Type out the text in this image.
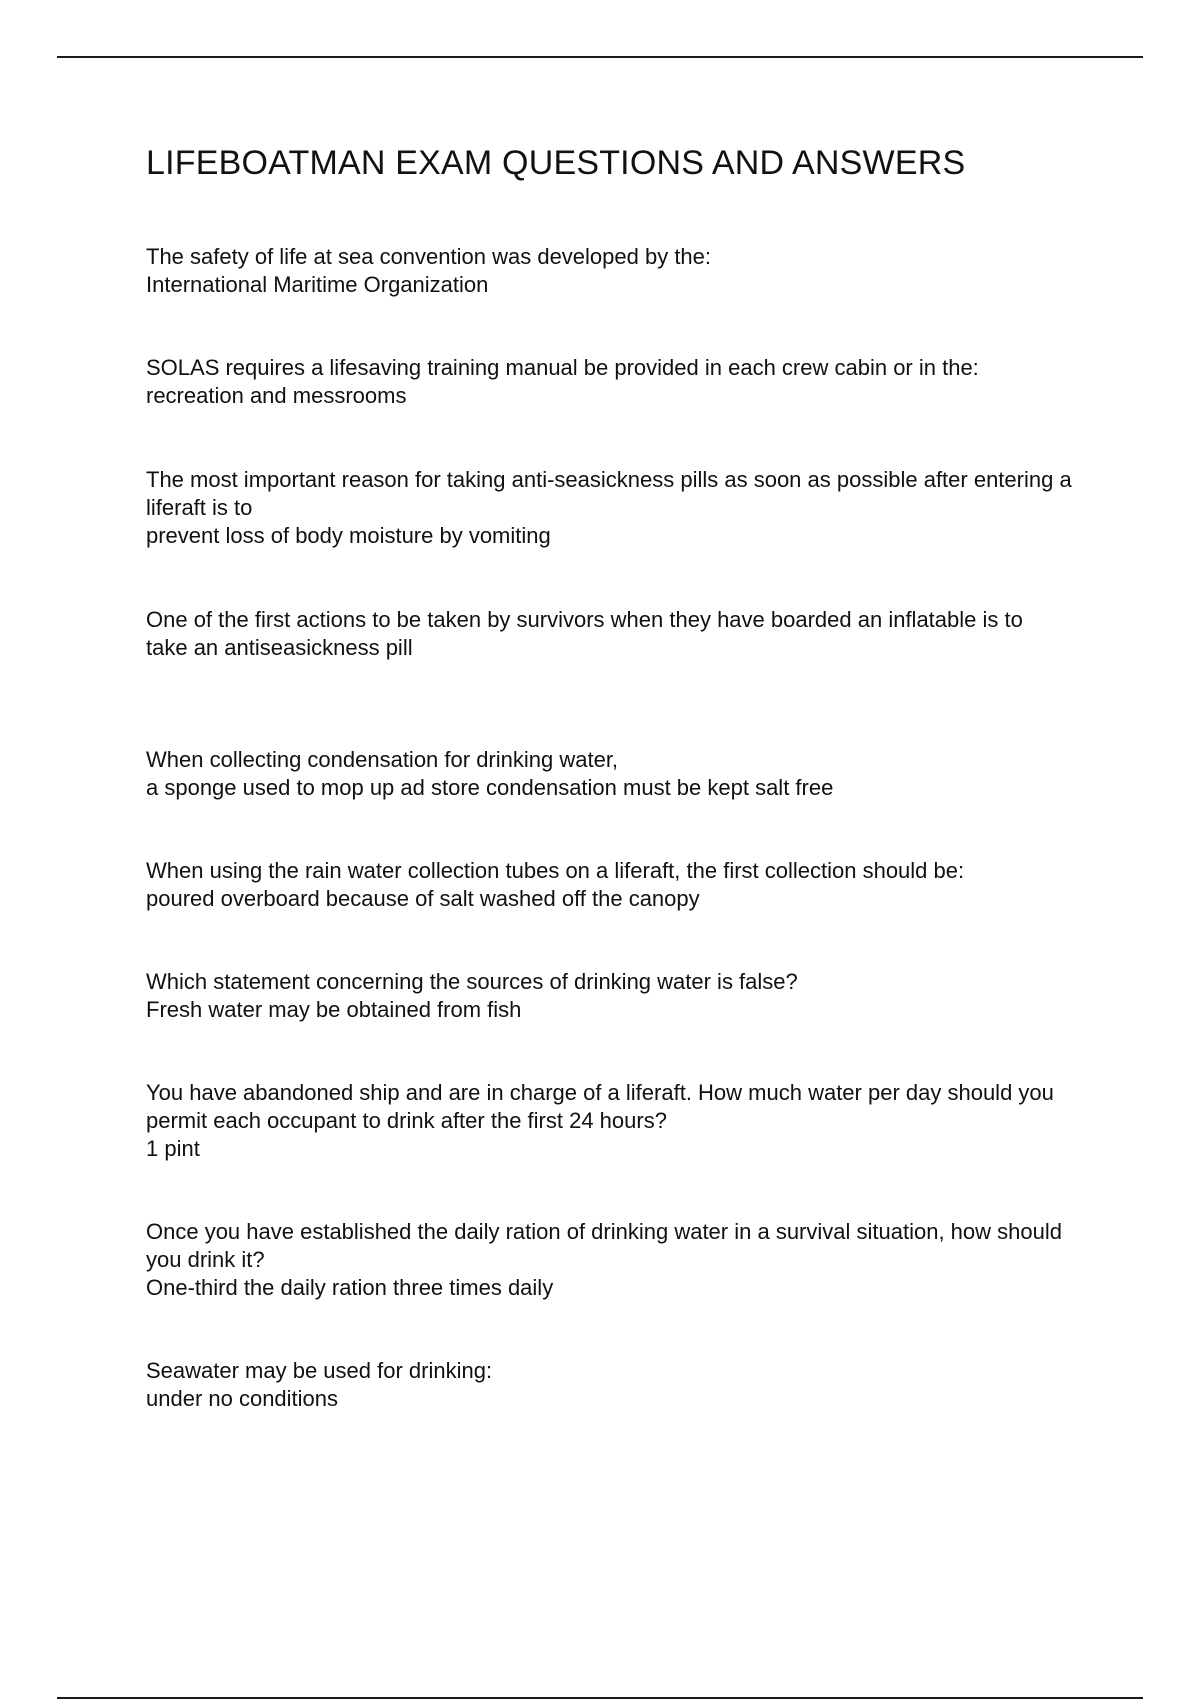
LIFEBOATMAN EXAM QUESTIONS AND ANSWERS
The safety of life at sea convention was developed by the:
International Maritime Organization
SOLAS requires a lifesaving training manual be provided in each crew cabin or in the:
recreation and messrooms
The most important reason for taking anti-seasickness pills as soon as possible after entering a liferaft is to
prevent loss of body moisture by vomiting
One of the first actions to be taken by survivors when they have boarded an inflatable is to
take an antiseasickness pill
When collecting condensation for drinking water,
a sponge used to mop up ad store condensation must be kept salt free
When using the rain water collection tubes on a liferaft, the first collection should be:
poured overboard because of salt washed off the canopy
Which statement concerning the sources of drinking water is false?
Fresh water may be obtained from fish
You have abandoned ship and are in charge of a liferaft. How much water per day should you permit each occupant to drink after the first 24 hours?
1 pint
Once you have established the daily ration of drinking water in a survival situation, how should you drink it?
One-third the daily ration three times daily
Seawater may be used for drinking:
under no conditions
